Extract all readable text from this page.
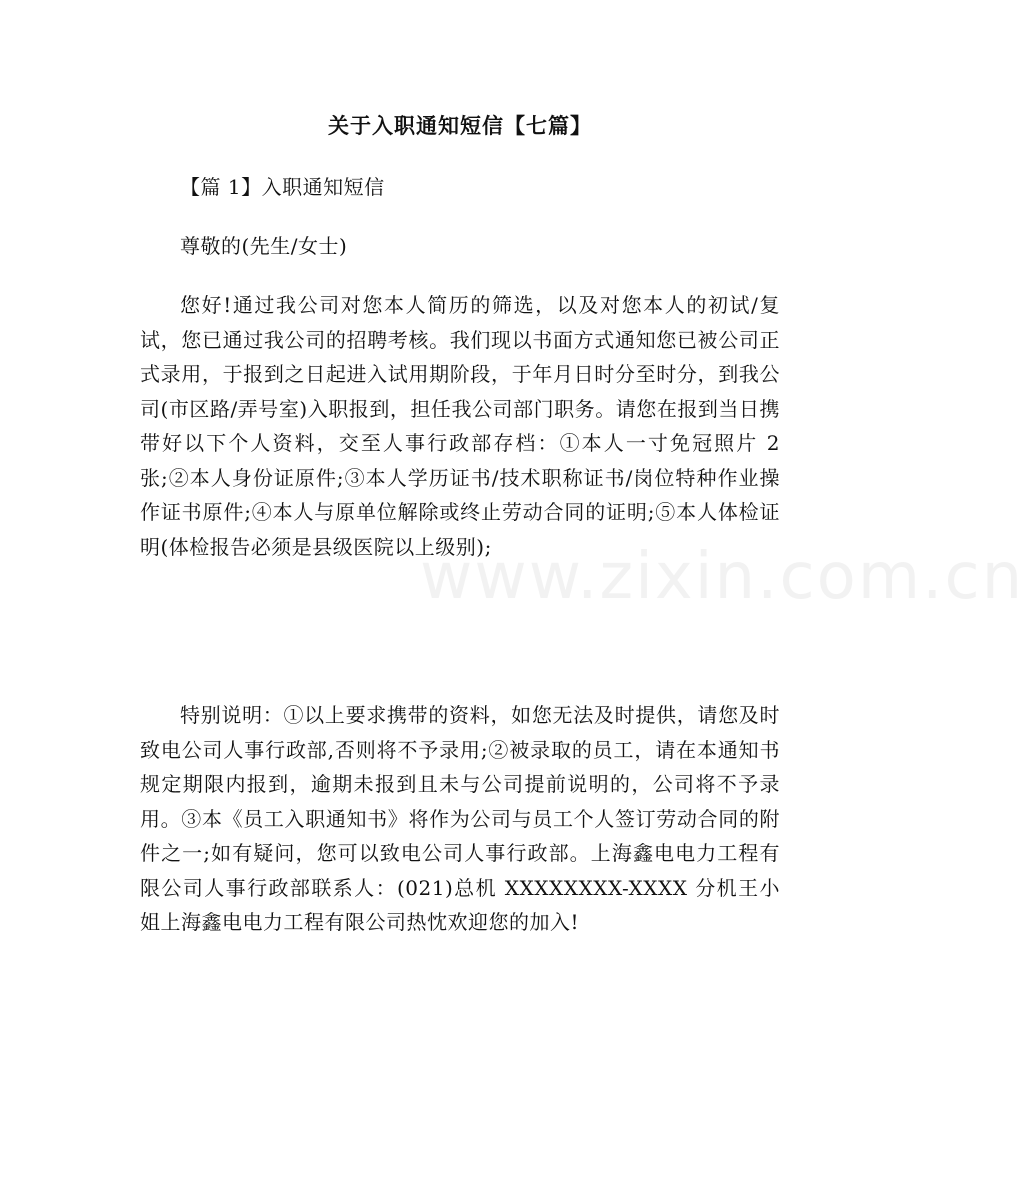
关于入职通知短信【七篇】
【篇 1】入职通知短信
尊敬的(先生/女士)
您好!通过我公司对您本人简历的筛选，以及对您本人的初试/复试，您已通过我公司的招聘考核。我们现以书面方式通知您已被公司正式录用，于报到之日起进入试用期阶段，于年月日时分至时分，到我公司(市区路/弄号室)入职报到，担任我公司部门职务。请您在报到当日携带好以下个人资料，交至人事行政部存档：①本人一寸免冠照片 2 张;②本人身份证原件;③本人学历证书/技术职称证书/岗位特种作业操作证书原件;④本人与原单位解除或终止劳动合同的证明;⑤本人体检证明(体检报告必须是县级医院以上级别);
特别说明：①以上要求携带的资料，如您无法及时提供，请您及时致电公司人事行政部,否则将不予录用;②被录取的员工，请在本通知书规定期限内报到，逾期未报到且未与公司提前说明的，公司将不予录用。③本《员工入职通知书》将作为公司与员工个人签订劳动合同的附件之一;如有疑问，您可以致电公司人事行政部。上海鑫电电力工程有限公司人事行政部联系人：(021)总机 XXXXXXXX-XXXX 分机王小姐上海鑫电电力工程有限公司热忱欢迎您的加入!
www.zixin.com.cn
